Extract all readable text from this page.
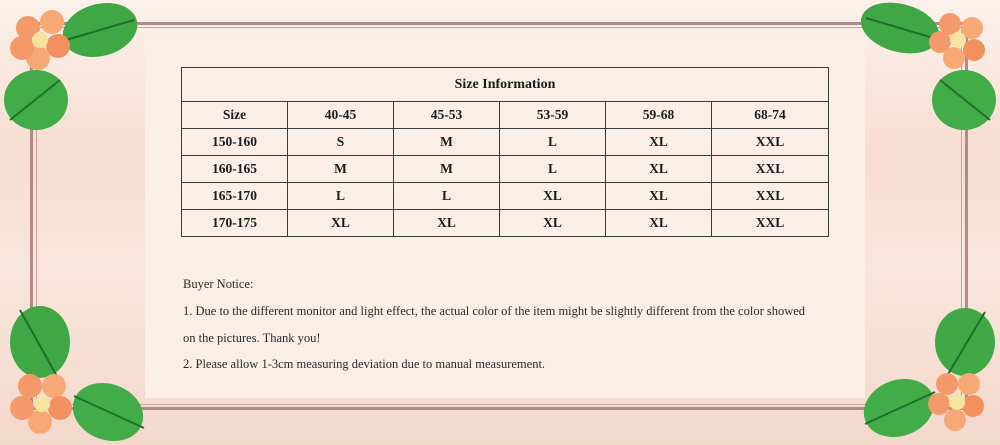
Size Information					
Size	40-45	45-53	53-59	59-68	68-74
150-160	S	M	L	XL	XXL
160-165	M	M	L	XL	XXL
165-170	L	L	XL	XL	XXL
170-175	XL	XL	XL	XL	XXL
Buyer Notice:
1. Due to the different monitor and light effect, the actual color of the item might be slightly different from the color showed
on the pictures. Thank you!
2. Please allow 1-3cm measuring deviation due to manual measurement.
